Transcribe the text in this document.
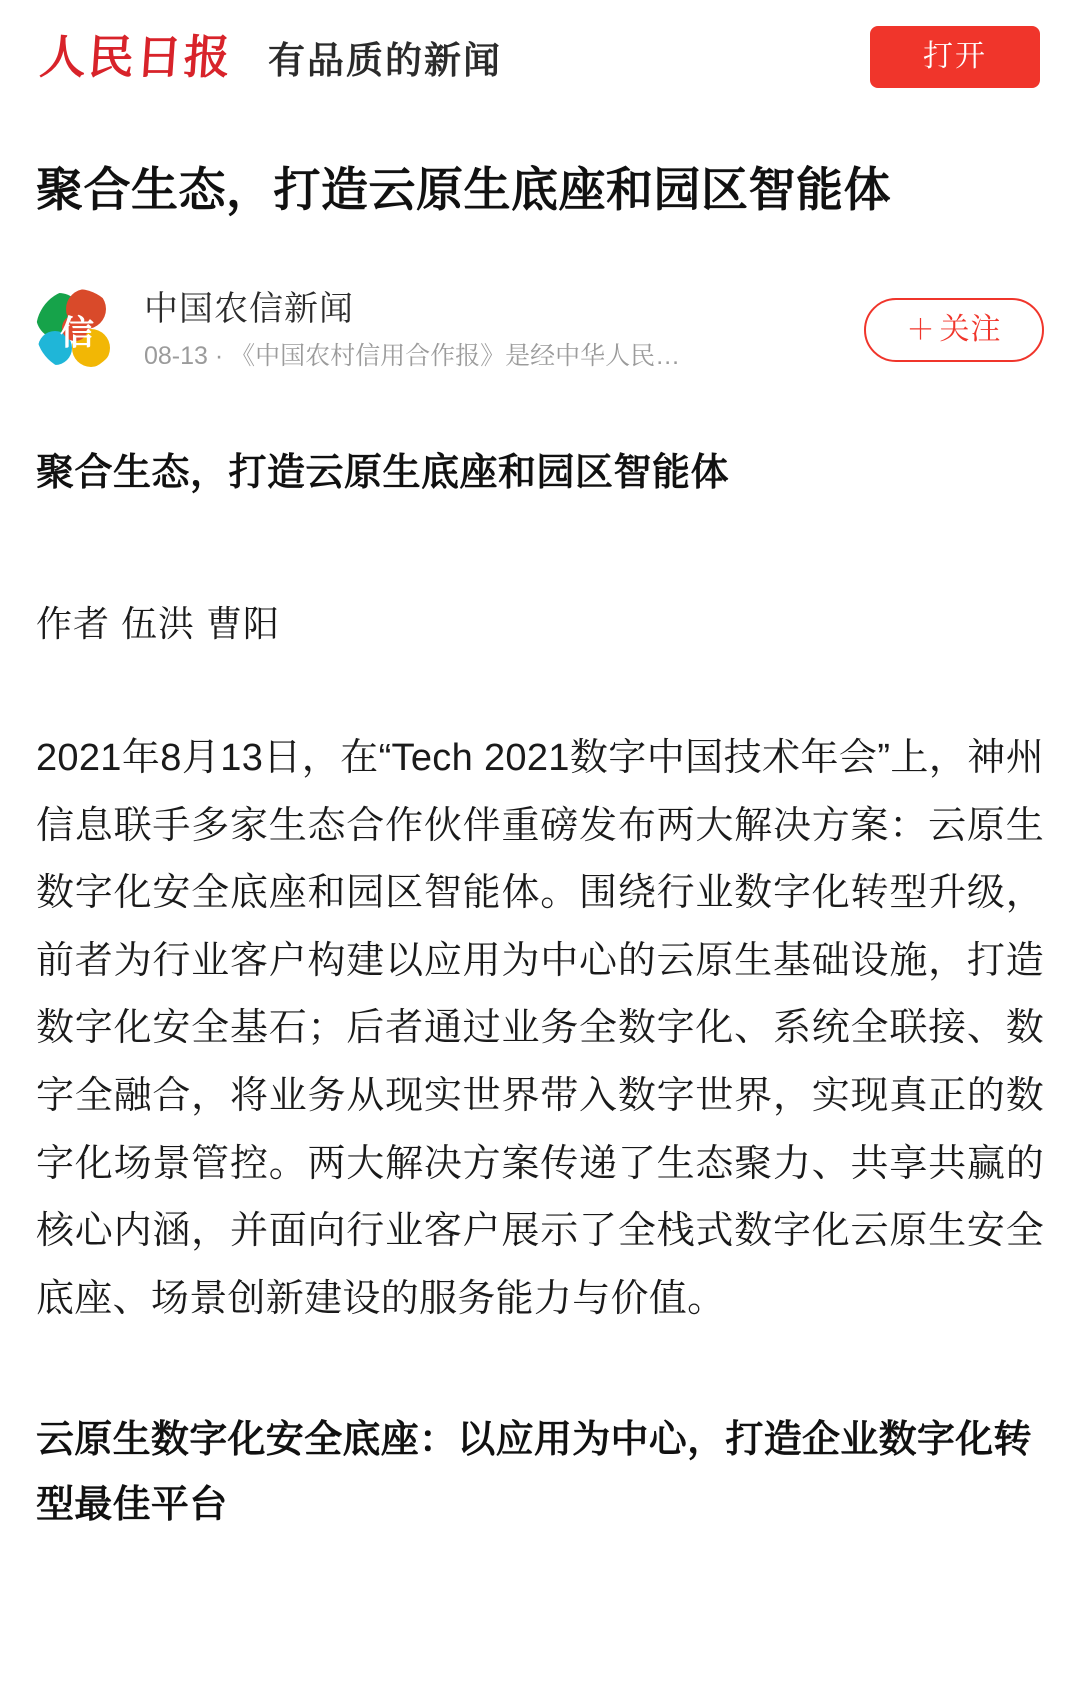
人民日报 有品质的新闻	打开
聚合生态，打造云原生底座和园区智能体
信
中国农信新闻
08-13 · 《中国农村信用合作报》是经中华人民…
＋ 关注

聚合生态，打造云原生底座和园区智能体

作者 伍洪 曹阳

2021年8月13日，在“Tech 2021数字中国技术年会”上，神州信息联手多家生态合作伙伴重磅发布两大解决方案：云原生数字化安全底座和园区智能体。围绕行业数字化转型升级，前者为行业客户构建以应用为中心的云原生基础设施，打造数字化安全基石；后者通过业务全数字化、系统全联接、数字全融合，将业务从现实世界带入数字世界，实现真正的数字化场景管控。两大解决方案传递了生态聚力、共享共赢的核心内涵，并面向行业客户展示了全栈式数字化云原生安全底座、场景创新建设的服务能力与价值。

云原生数字化安全底座：以应用为中心，打造企业数字化转型最佳平台
